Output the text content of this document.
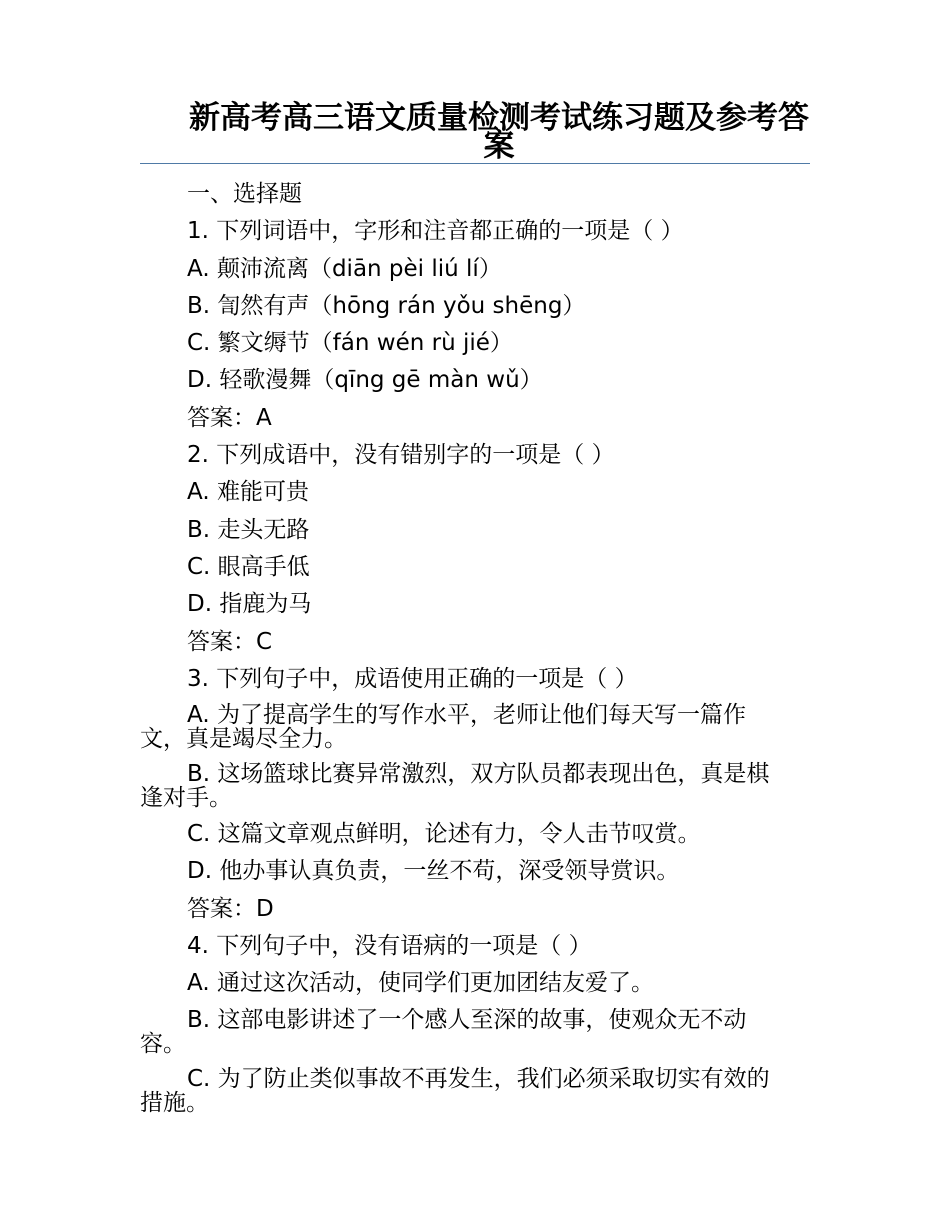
新高考高三语文质量检测考试练习题及参考答案
一、选择题
1. 下列词语中，字形和注音都正确的一项是（ ）
A. 颠沛流离（diān pèi liú lí）
B. 訇然有声（hōng rán yǒu shēng）
C. 繁文缛节（fán wén rù jié）
D. 轻歌漫舞（qīng gē màn wǔ）
答案：A
2. 下列成语中，没有错别字的一项是（ ）
A. 难能可贵
B. 走头无路
C. 眼高手低
D. 指鹿为马
答案：C
3. 下列句子中，成语使用正确的一项是（ ）
A. 为了提高学生的写作水平，老师让他们每天写一篇作文，真是竭尽全力。
B. 这场篮球比赛异常激烈，双方队员都表现出色，真是棋逢对手。
C. 这篇文章观点鲜明，论述有力，令人击节叹赏。
D. 他办事认真负责，一丝不苟，深受领导赏识。
答案：D
4. 下列句子中，没有语病的一项是（ ）
A. 通过这次活动，使同学们更加团结友爱了。
B. 这部电影讲述了一个感人至深的故事，使观众无不动容。
C. 为了防止类似事故不再发生，我们必须采取切实有效的措施。
